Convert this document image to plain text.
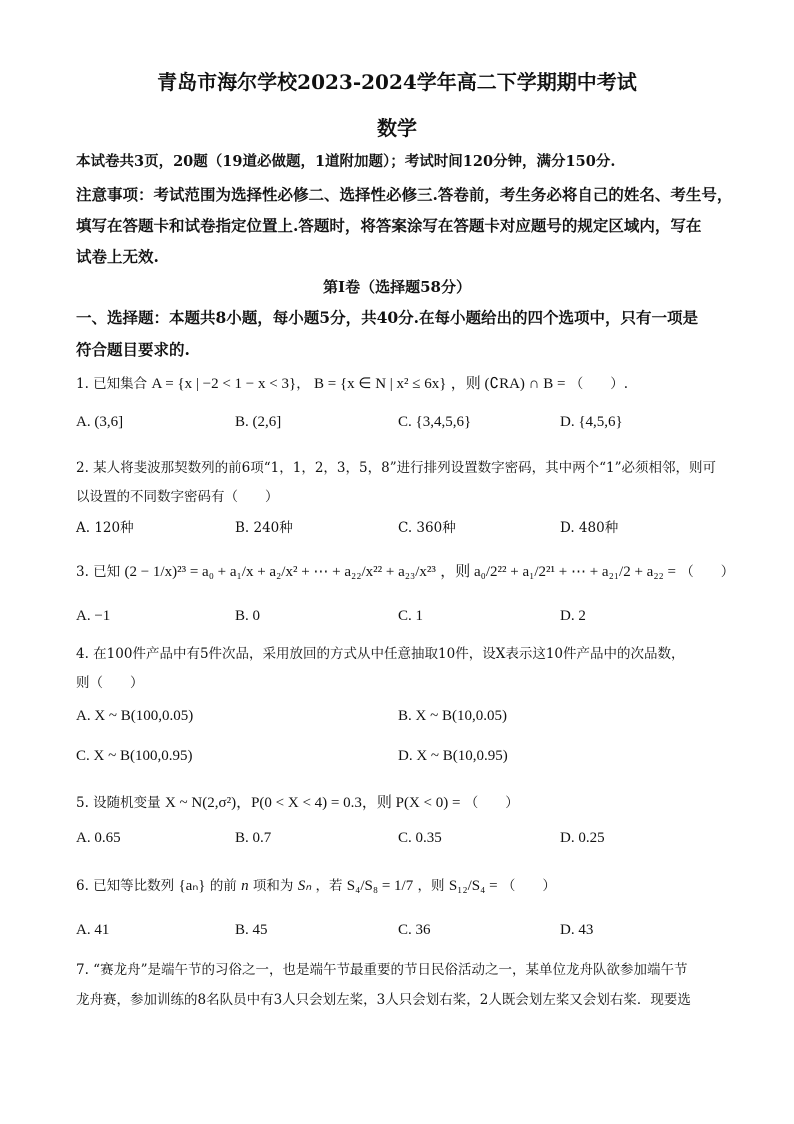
青岛市海尔学校2023-2024学年高二下学期期中考试
数学
本试卷共3页，20题（19道必做题，1道附加题）；考试时间120分钟，满分150分.
注意事项：考试范围为选择性必修二、选择性必修三.答卷前，考生务必将自己的姓名、考生号，
填写在答题卡和试卷指定位置上.答题时，将答案涂写在答题卡对应题号的规定区域内，写在
试卷上无效.
第I卷（选择题58分）
一、选择题：本题共8小题，每小题5分，共40分.在每小题给出的四个选项中，只有一项是
符合题目要求的.
1. 已知集合 A = {x | −2 < 1 − x < 3}， B = {x ∈ N | x² ≤ 6x} ，则 (∁RA) ∩ B = （　　）.
A. (3,6]	B. (2,6]	C. {3,4,5,6}	D. {4,5,6}
2. 某人将斐波那契数列的前6项“1，1，2，3，5，8”进行排列设置数字密码，其中两个“1”必须相邻，则可
以设置的不同数字密码有（　　）
A. 120种	B. 240种	C. 360种	D. 480种
3. 已知 (2 − 1/x)²³ = a₀ + a₁/x + a₂/x² + ⋯ + a₂₂/x²² + a₂₃/x²³ ，则 a₀/2²² + a₁/2²¹ + ⋯ + a₂₁/2 + a₂₂ = （　　）
A. −1	B. 0	C. 1	D. 2
4. 在100件产品中有5件次品，采用放回的方式从中任意抽取10件，设X表示这10件产品中的次品数，
则（　　）
A. X ~ B(100,0.05)	B. X ~ B(10,0.05)
C. X ~ B(100,0.95)	D. X ~ B(10,0.95)
5. 设随机变量 X ~ N(2,σ²)，P(0 < X < 4) = 0.3，则 P(X < 0) = （　　）
A. 0.65	B. 0.7	C. 0.35	D. 0.25
6. 已知等比数列 {aₙ} 的前 n 项和为 Sₙ ，若 S₄/S₈ = 1/7 ，则 S₁₂/S₄ = （　　）
A. 41	B. 45	C. 36	D. 43
7. “赛龙舟”是端午节的习俗之一，也是端午节最重要的节日民俗活动之一，某单位龙舟队欲参加端午节
龙舟赛，参加训练的8名队员中有3人只会划左桨，3人只会划右桨，2人既会划左桨又会划右桨．现要选
